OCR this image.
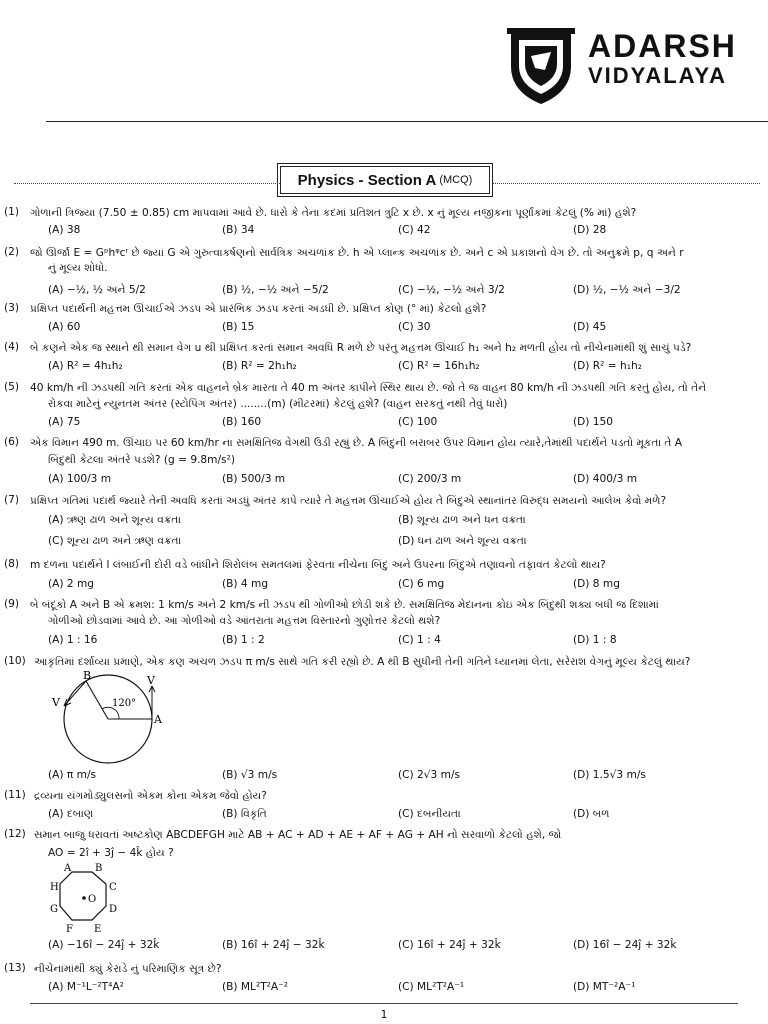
ADARSH
VIDYALAYA
Physics - Section A (MCQ)
(1)	ગોળાની ત્રિજ્યા (7.50 ± 0.85) cm માપવામાં આવે છે. ધારો કે તેના કદમાં પ્રતિશત ત્રુટિ x છે. x નું મૂલ્ય નજીકના પૂર્ણાંકમાં કેટલું (% માં) હશે?
(A) 38	(B) 34	(C) 42	(D) 28
(2)	જો ઊર્જા E = Gᵖhᵠcʳ છે જ્યાં G એ ગુરુત્વાકર્ષણનો સાર્વત્રિક અચળાંક છે. h એ પ્લાન્ક અચળાંક છે. અને c એ પ્રકાશનો વેગ છે. તો અનુક્રમે p, q અને r
નું મૂલ્ય શોધો.
(A) −½, ½ અને 5/2	(B) ½, −½ અને −5/2	(C) −½, −½ અને 3/2	(D) ½, −½ અને −3/2
(3)	પ્રક્ષિપ્ત પદાર્થની મહત્તમ ઊંચાઈએ ઝડપ એ પ્રારંભિક ઝડપ કરતાં અડધી છે. પ્રક્ષિપ્ત કોણ (° માં) કેટલો હશે?
(A) 60	(B) 15	(C) 30	(D) 45
(4)	બે કણને એક જ સ્થાને થી સમાન વેગ u થી પ્રક્ષિપ્ત કરતાં સમાન અવધિ R મળે છે પરંતુ મહત્તમ ઊંચાઈ h₁ અને h₂ મળતી હોય તો નીચેનામાંથી શું સાચું પડે?
(A) R² = 4h₁h₂	(B) R² = 2h₁h₂	(C) R² = 16h₁h₂	(D) R² = h₁h₂
(5)	40 km/h ની ઝડપથી ગતિ કરતાં એક વાહનને બ્રેક મારતા તે 40 m અંતર કાપીને સ્થિર થાય છે. જો તે જ વાહન 80 km/h ની ઝડપથી ગતિ કરતું હોય, તો તેને
રોકવા માટેનું ન્યુનતમ અંતર (સ્ટોપિંગ અંતર) ........(m) (મીટરમાં) કેટલું હશે? (વાહન સરકતું નથી તેવું ધારો)
(A) 75	(B) 160	(C) 100	(D) 150
(6)	એક વિમાન 490 m. ઊંચાઇ પર 60 km/hr ના સમક્ષિતિજ વેગથી ઉડી રહ્યું છે. A બિંદુની બરાબર ઉપર વિમાન હોય ત્યારે,તેમાંથી પદાર્થને પડતો મૂકતા તે A
બિંદુથી કેટલા અંતરે પડશે? (g = 9.8m/s²)
(A) 100/3 m	(B) 500/3 m	(C) 200/3 m	(D) 400/3 m
(7)	પ્રક્ષિપ્ત ગતિમાં પદાર્થ જ્યારે તેની અવધિ કરતાં અડધું અંતર કાપે ત્યારે તે મહત્તમ ઊંચાઈએ હોય તે બિંદુએ સ્થાનાંતર વિરુદ્ધ સમયનો આલેખ કેવો મળે?
(A) ઋણ ઢાળ અને શૂન્ય વક્રતા	(B) શૂન્ય ઢાળ અને ધન વક્રતા
(C) શૂન્ય ઢાળ અને ઋણ વક્રતા	(D) ધન ઢાળ અને શૂન્ય વક્રતા
(8)	m દળના પદાર્થને l લંબાઈની દોરી વડે બાંધીને શિરોલંબ સમતલમાં ફેરવતા નીચેના બિંદુ અને ઉપરના બિંદુએ તણાવનો તફાવત કેટલો થાય?
(A) 2 mg	(B) 4 mg	(C) 6 mg	(D) 8 mg
(9)	બે બંદૂકો A અને B એ ક્રમશ: 1 km/s અને 2 km/s ની ઝડપ થી ગોળીઓ છોડી શકે છે. સમક્ષિતિજ મેદાનના કોઇ એક બિંદુથી શક્ય બધી જ દિશામાં
ગોળીઓ છોડવામાં આવે છે. આ ગોળીઓ વડે આંતરાતા મહત્તમ વિસ્તારનો ગુણોત્તર કેટલો થશે?
(A) 1 : 16	(B) 1 : 2	(C) 1 : 4	(D) 1 : 8
(10) આકૃતિમાં દર્શાવ્યા પ્રમાણે, એક કણ અચળ ઝડપ π m/s સાથે ગતિ કરી રહ્યો છે. A થી B સુધીની તેની ગતિને ધ્યાનમાં લેતા, સરેરાશ વેગનું મૂલ્ય કેટલું થાય?
B	V
V
A
120°
(A) π m/s	(B) √3 m/s	(C) 2√3 m/s	(D) 1.5√3 m/s
(11) દ્રવ્યના યંગમોડ્યુલસનો એકમ કોના એકમ જેવો હોય?
(A) દબાણ	(B) વિકૃતિ	(C) દબનીયતા	(D) બળ
(12) સમાન બાજુ ધરાવતાં અષ્ટકોણ ABCDEFGH માટે AB + AC + AD + AE + AF + AG + AH નો સરવાળો કેટલો હશે, જો
AO = 2î + 3ĵ − 4k̂ હોય ?
A B
C
D
E
F
G
H
O
(A) −16î − 24ĵ + 32k̂	(B) 16î + 24ĵ − 32k̂	(C) 16î + 24ĵ + 32k̂	(D) 16î − 24ĵ + 32k̂
(13) નીચેનામાંથી ક્યું કેરાડે નું પરિમાણિક સૂત્ર છે?
(A) M⁻¹L⁻²T⁴A²	(B) ML²T²A⁻²	(C) ML²T²A⁻¹	(D) MT⁻²A⁻¹
1
